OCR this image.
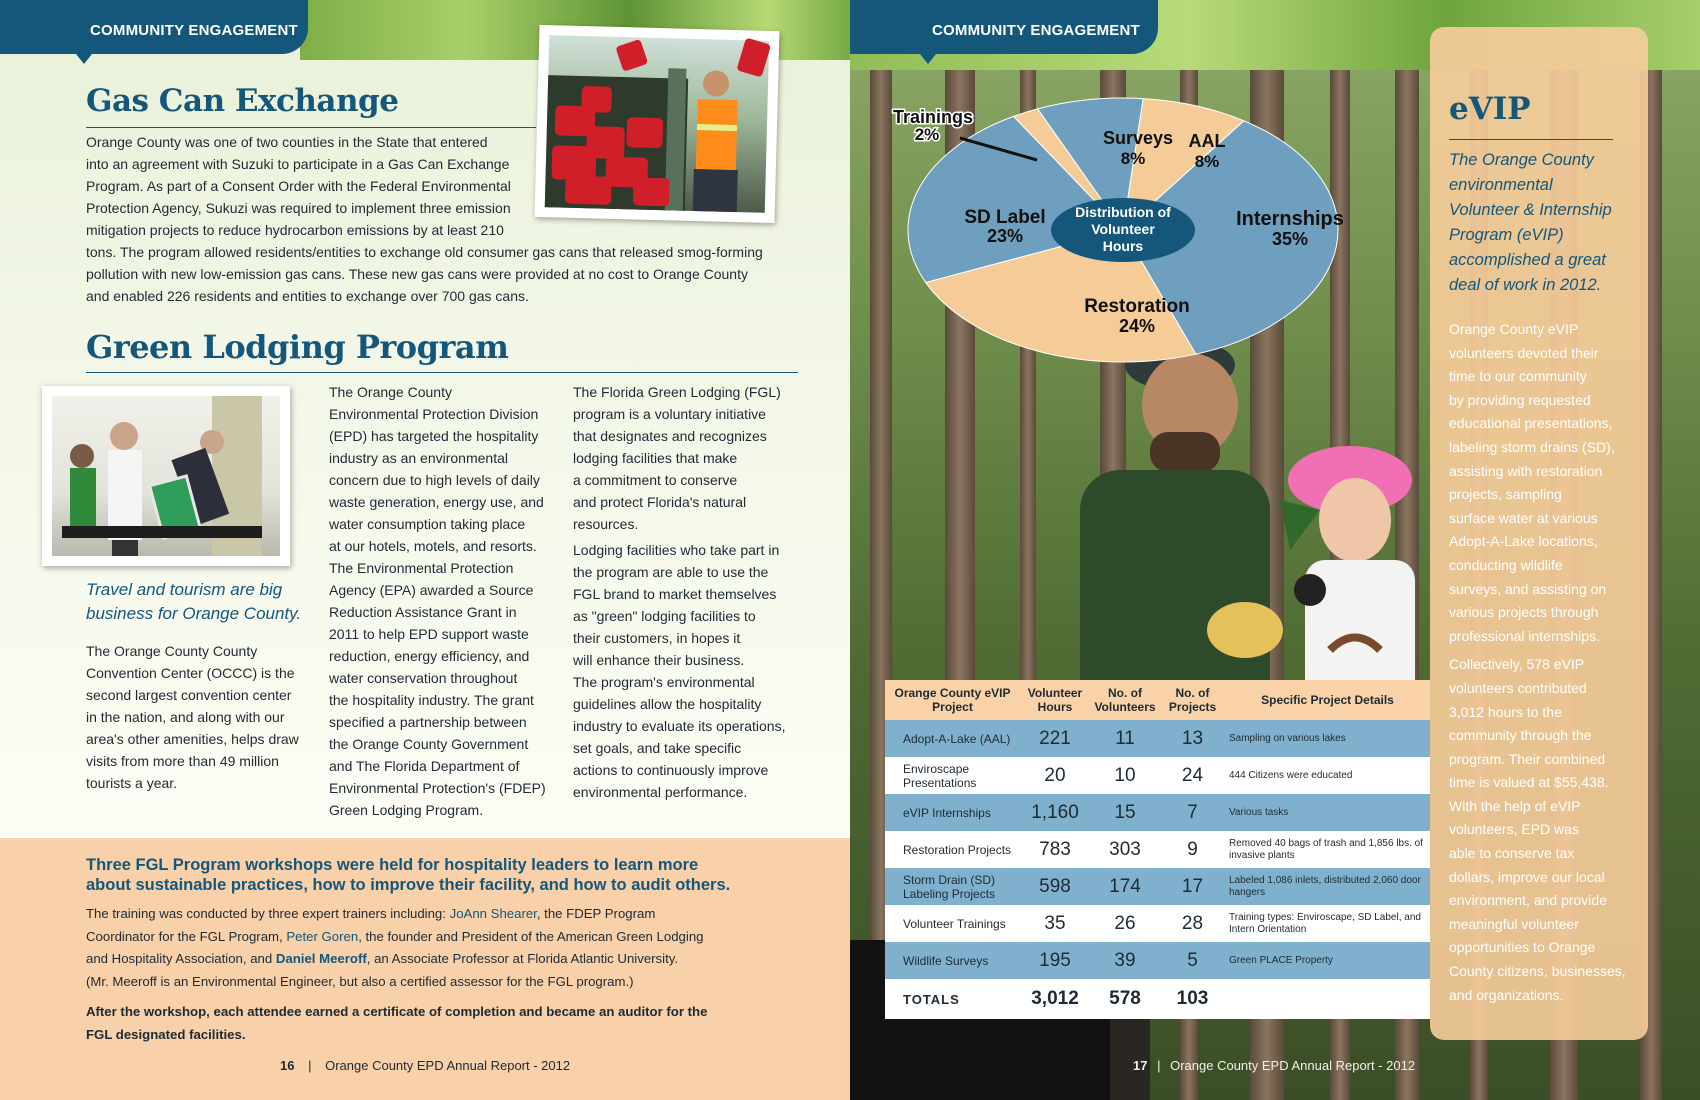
COMMUNITY ENGAGEMENT
Gas Can Exchange
Orange County was one of two counties in the State that entered
into an agreement with Suzuki to participate in a Gas Can Exchange
Program. As part of a Consent Order with the Federal Environmental
Protection Agency, Sukuzi was required to implement three emission
mitigation projects to reduce hydrocarbon emissions by at least 210
tons. The program allowed residents/entities to exchange old consumer gas cans that released smog-forming
pollution with new low-emission gas cans. These new gas cans were provided at no cost to Orange County
and enabled 226 residents and entities to exchange over 700 gas cans.
Green Lodging Program
Travel and tourism are big
business for Orange County.
The Orange County County
Convention Center (OCCC) is the
second largest convention center
in the nation, and along with our
area's other amenities, helps draw
visits from more than 49 million
tourists a year.
The Orange County
Environmental Protection Division
(EPD) has targeted the hospitality
industry as an environmental
concern due to high levels of daily
waste generation, energy use, and
water consumption taking place
at our hotels, motels, and resorts.
The Environmental Protection
Agency (EPA) awarded a Source
Reduction Assistance Grant in
2011 to help EPD support waste
reduction, energy efficiency, and
water conservation throughout
the hospitality industry. The grant
specified a partnership between
the Orange County Government
and The Florida Department of
Environmental Protection's (FDEP)
Green Lodging Program.
The Florida Green Lodging (FGL)
program is a voluntary initiative
that designates and recognizes
lodging facilities that make
a commitment to conserve
and protect Florida's natural
resources.
Lodging facilities who take part in
the program are able to use the
FGL brand to market themselves
as "green" lodging facilities to
their customers, in hopes it
will enhance their business.
The program's environmental
guidelines allow the hospitality
industry to evaluate its operations,
set goals, and take specific
actions to continuously improve
environmental performance.
Three FGL Program workshops were held for hospitality leaders to learn more
about sustainable practices, how to improve their facility, and how to audit others.
The training was conducted by three expert trainers including: JoAnn Shearer, the FDEP Program
Coordinator for the FGL Program, Peter Goren, the founder and President of the American Green Lodging
and Hospitality Association, and Daniel Meeroff, an Associate Professor at Florida Atlantic University.
(Mr. Meeroff is an Environmental Engineer, but also a certified assessor for the FGL program.)
After the workshop, each attendee earned a certificate of completion and became an auditor for the
FGL designated facilities.
16 | Orange County EPD Annual Report - 2012
COMMUNITY ENGAGEMENT
Distribution of
Volunteer
Hours
Internships
35%
Restoration
24%
SD Label
23%
Trainings
2%	Surveys
8%
AAL
8%
eVIP
The Orange County
environmental
Volunteer & Internship
Program (eVIP)
accomplished a great
deal of work in 2012.
Orange County eVIP
volunteers devoted their
time to our community
by providing requested
educational presentations,
labeling storm drains (SD),
assisting with restoration
projects, sampling
surface water at various
Adopt-A-Lake locations,
conducting wildlife
surveys, and assisting on
various projects through
professional internships.
Collectively, 578 eVIP
volunteers contributed
3,012 hours to the
community through the
program. Their combined
time is valued at $55,438.
With the help of eVIP
volunteers, EPD was
able to conserve tax
dollars, improve our local
environment, and provide
meaningful volunteer
opportunities to Orange
County citizens, businesses,
and organizations.
Orange County eVIP Project	Volunteer Hours	No. of Volunteers	No. of Projects	Specific Project Details
Adopt-A-Lake (AAL)	221	11	13	Sampling on various lakes
Enviroscape Presentations	20	10	24	444 Citizens were educated
eVIP Internships	1,160	15	7	Various tasks
Restoration Projects	783	303	9	Removed 40 bags of trash and 1,856 lbs. of invasive plants
Storm Drain (SD) Labeling Projects	598	174	17	Labeled 1,086 inlets, distributed 2,060 door hangers
Volunteer Trainings	35	26	28	Training types: Enviroscape, SD Label, and Intern Orientation
Wildlife Surveys	195	39	5	Green PLACE Property
TOTALS	3,012	578	103	
17 | Orange County EPD Annual Report - 2012
